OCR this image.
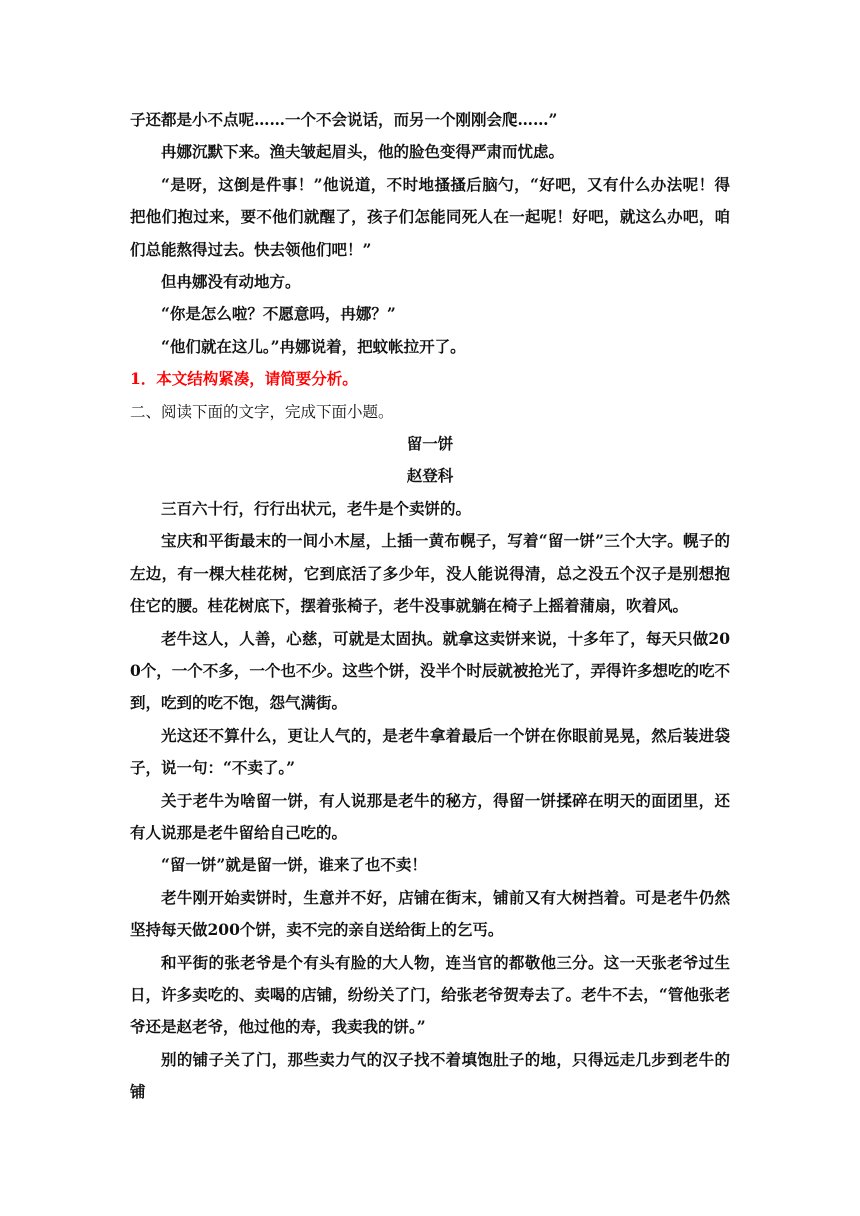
子还都是小不点呢……一个不会说话，而另一个刚刚会爬……”

冉娜沉默下来。渔夫皱起眉头，他的脸色变得严肃而忧虑。

“是呀，这倒是件事！”他说道，不时地搔搔后脑勺，“好吧，又有什么办法呢！得把他们抱过来，要不他们就醒了，孩子们怎能同死人在一起呢！好吧，就这么办吧，咱们总能熬得过去。快去领他们吧！”

但冉娜没有动地方。

“你是怎么啦？不愿意吗，冉娜？”

“他们就在这儿。”冉娜说着，把蚊帐拉开了。

1．本文结构紧凑，请简要分析。

二、阅读下面的文字，完成下面小题。

留一饼

赵登科

三百六十行，行行出状元，老牛是个卖饼的。

宝庆和平街最末的一间小木屋，上插一黄布幌子，写着“留一饼”三个大字。幌子的左边，有一棵大桂花树，它到底活了多少年，没人能说得清，总之没五个汉子是别想抱住它的腰。桂花树底下，摆着张椅子，老牛没事就躺在椅子上摇着蒲扇，吹着风。

老牛这人，人善，心慈，可就是太固执。就拿这卖饼来说，十多年了，每天只做200个，一个不多，一个也不少。这些个饼，没半个时辰就被抢光了，弄得许多想吃的吃不到，吃到的吃不饱，怨气满街。

光这还不算什么，更让人气的，是老牛拿着最后一个饼在你眼前晃晃，然后装进袋子，说一句：“不卖了。”

关于老牛为啥留一饼，有人说那是老牛的秘方，得留一饼揉碎在明天的面团里，还有人说那是老牛留给自己吃的。

“留一饼”就是留一饼，谁来了也不卖！

老牛刚开始卖饼时，生意并不好，店铺在街末，铺前又有大树挡着。可是老牛仍然坚持每天做200个饼，卖不完的亲自送给街上的乞丐。

和平街的张老爷是个有头有脸的大人物，连当官的都敬他三分。这一天张老爷过生日，许多卖吃的、卖喝的店铺，纷纷关了门，给张老爷贺寿去了。老牛不去，“管他张老爷还是赵老爷，他过他的寿，我卖我的饼。”

别的铺子关了门，那些卖力气的汉子找不着填饱肚子的地，只得远走几步到老牛的铺
